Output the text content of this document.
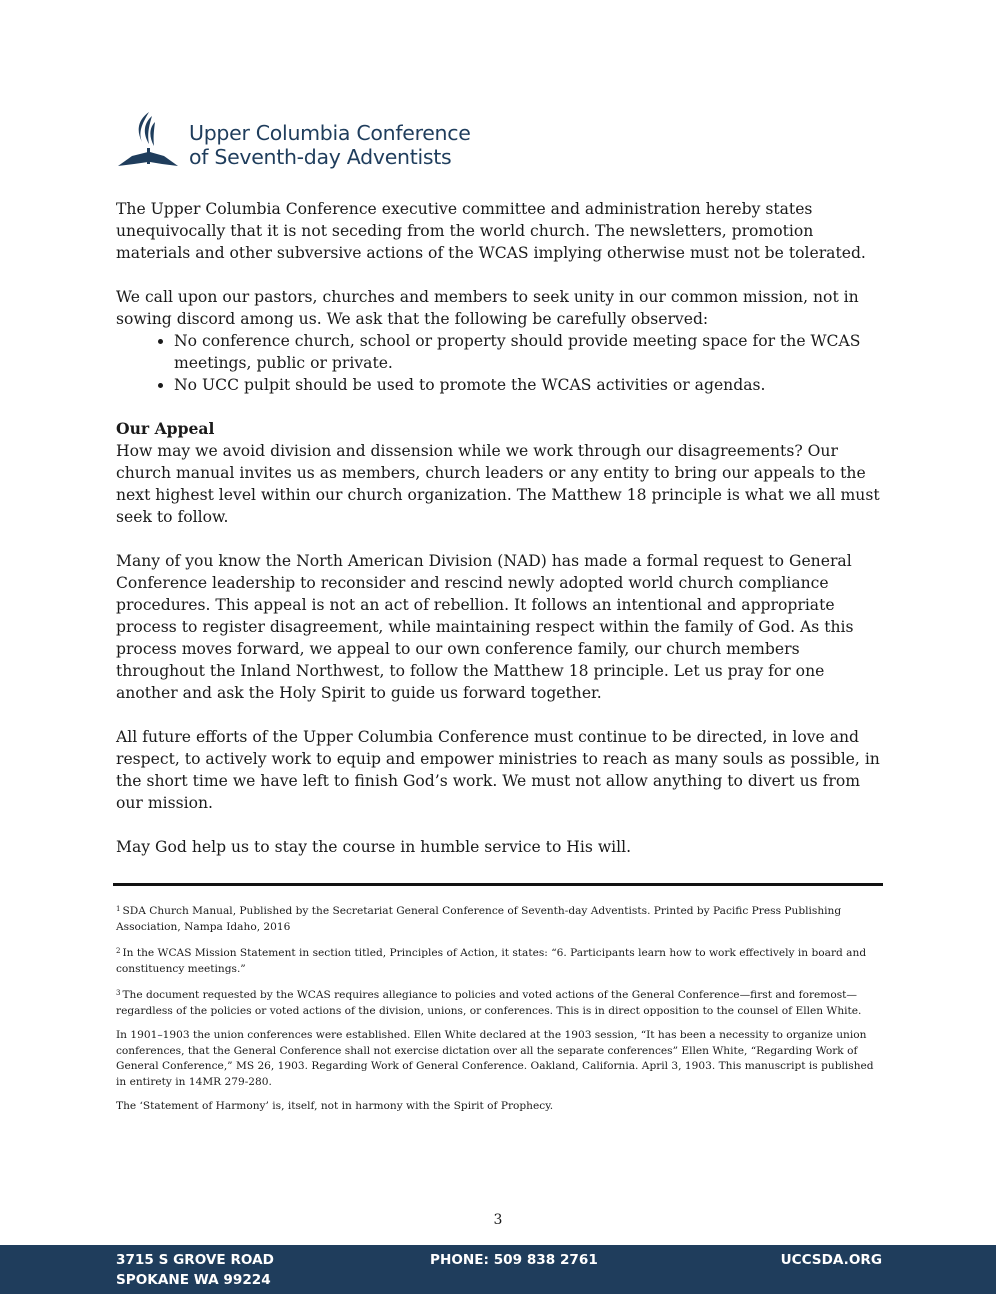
Upper Columbia Conference
of Seventh-day Adventists

The Upper Columbia Conference executive committee and administration hereby states unequivocally that it is not seceding from the world church. The newsletters, promotion materials and other subversive actions of the WCAS implying otherwise must not be tolerated.

We call upon our pastors, churches and members to seek unity in our common mission, not in sowing discord among us. We ask that the following be carefully observed:
• No conference church, school or property should provide meeting space for the WCAS meetings, public or private.
• No UCC pulpit should be used to promote the WCAS activities or agendas.
Our Appeal

How may we avoid division and dissension while we work through our disagreements? Our church manual invites us as members, church leaders or any entity to bring our appeals to the next highest level within our church organization. The Matthew 18 principle is what we all must seek to follow.

Many of you know the North American Division (NAD) has made a formal request to General Conference leadership to reconsider and rescind newly adopted world church compliance procedures. This appeal is not an act of rebellion. It follows an intentional and appropriate process to register disagreement, while maintaining respect within the family of God. As this process moves forward, we appeal to our own conference family, our church members throughout the Inland Northwest, to follow the Matthew 18 principle. Let us pray for one another and ask the Holy Spirit to guide us forward together.

All future efforts of the Upper Columbia Conference must continue to be directed, in love and respect, to actively work to equip and empower ministries to reach as many souls as possible, in the short time we have left to finish God’s work. We must not allow anything to divert us from our mission.

May God help us to stay the course in humble service to His will.

$^1$ SDA Church Manual, Published by the Secretariat General Conference of Seventh-day Adventists. Printed by Pacific Press Publishing Association, Nampa Idaho, 2016

$^2$ In the WCAS Mission Statement in section titled, Principles of Action, it states: “6. Participants learn how to work effectively in board and constituency meetings.”

$^3$ The document requested by the WCAS requires allegiance to policies and voted actions of the General Conference—first and foremost—regardless of the policies or voted actions of the division, unions, or conferences. This is in direct opposition to the counsel of Ellen White.

In 1901–1903 the union conferences were established. Ellen White declared at the 1903 session, “It has been a necessity to organize union conferences, that the General Conference shall not exercise dictation over all the separate conferences” Ellen White, “Regarding Work of General Conference,” MS 26, 1903. Regarding Work of General Conference. Oakland, California. April 3, 1903. This manuscript is published in entirety in 14MR 279-280.

The ‘Statement of Harmony’ is, itself, not in harmony with the Spirit of Prophecy.

3
3715 S GROVE ROAD
SPOKANE WA 99224
PHONE: 509 838 2761	UCCSDA.ORG
